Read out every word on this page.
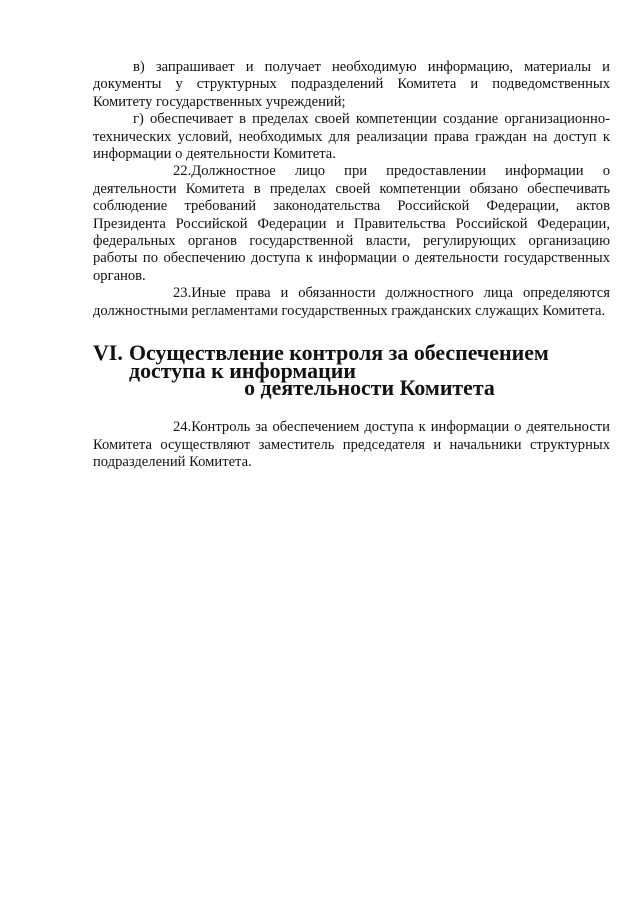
в) запрашивает и получает необходимую информацию, материалы и документы у структурных подразделений Комитета и подведомственных Комитету государственных учреждений;

г) обеспечивает в пределах своей компетенции создание организационно-технических условий, необходимых для реализации права граждан на доступ к информации о деятельности Комитета.

22.Должностное лицо при предоставлении информации о деятельности Комитета в пределах своей компетенции обязано обеспечивать соблюдение требований законодательства Российской Федерации, актов Президента Российской Федерации и Правительства Российской Федерации, федеральных органов государственной власти, регулирующих организацию работы по обеспечению доступа к информации о деятельности государственных органов.

23.Иные права и обязанности должностного лица определяются должностными регламентами государственных гражданских служащих Комитета.

VI. Осуществление контроля за обеспечением доступа к информации
о деятельности Комитета

24.Контроль за обеспечением доступа к информации о деятельности Комитета осуществляют заместитель председателя и начальники структурных подразделений Комитета.
